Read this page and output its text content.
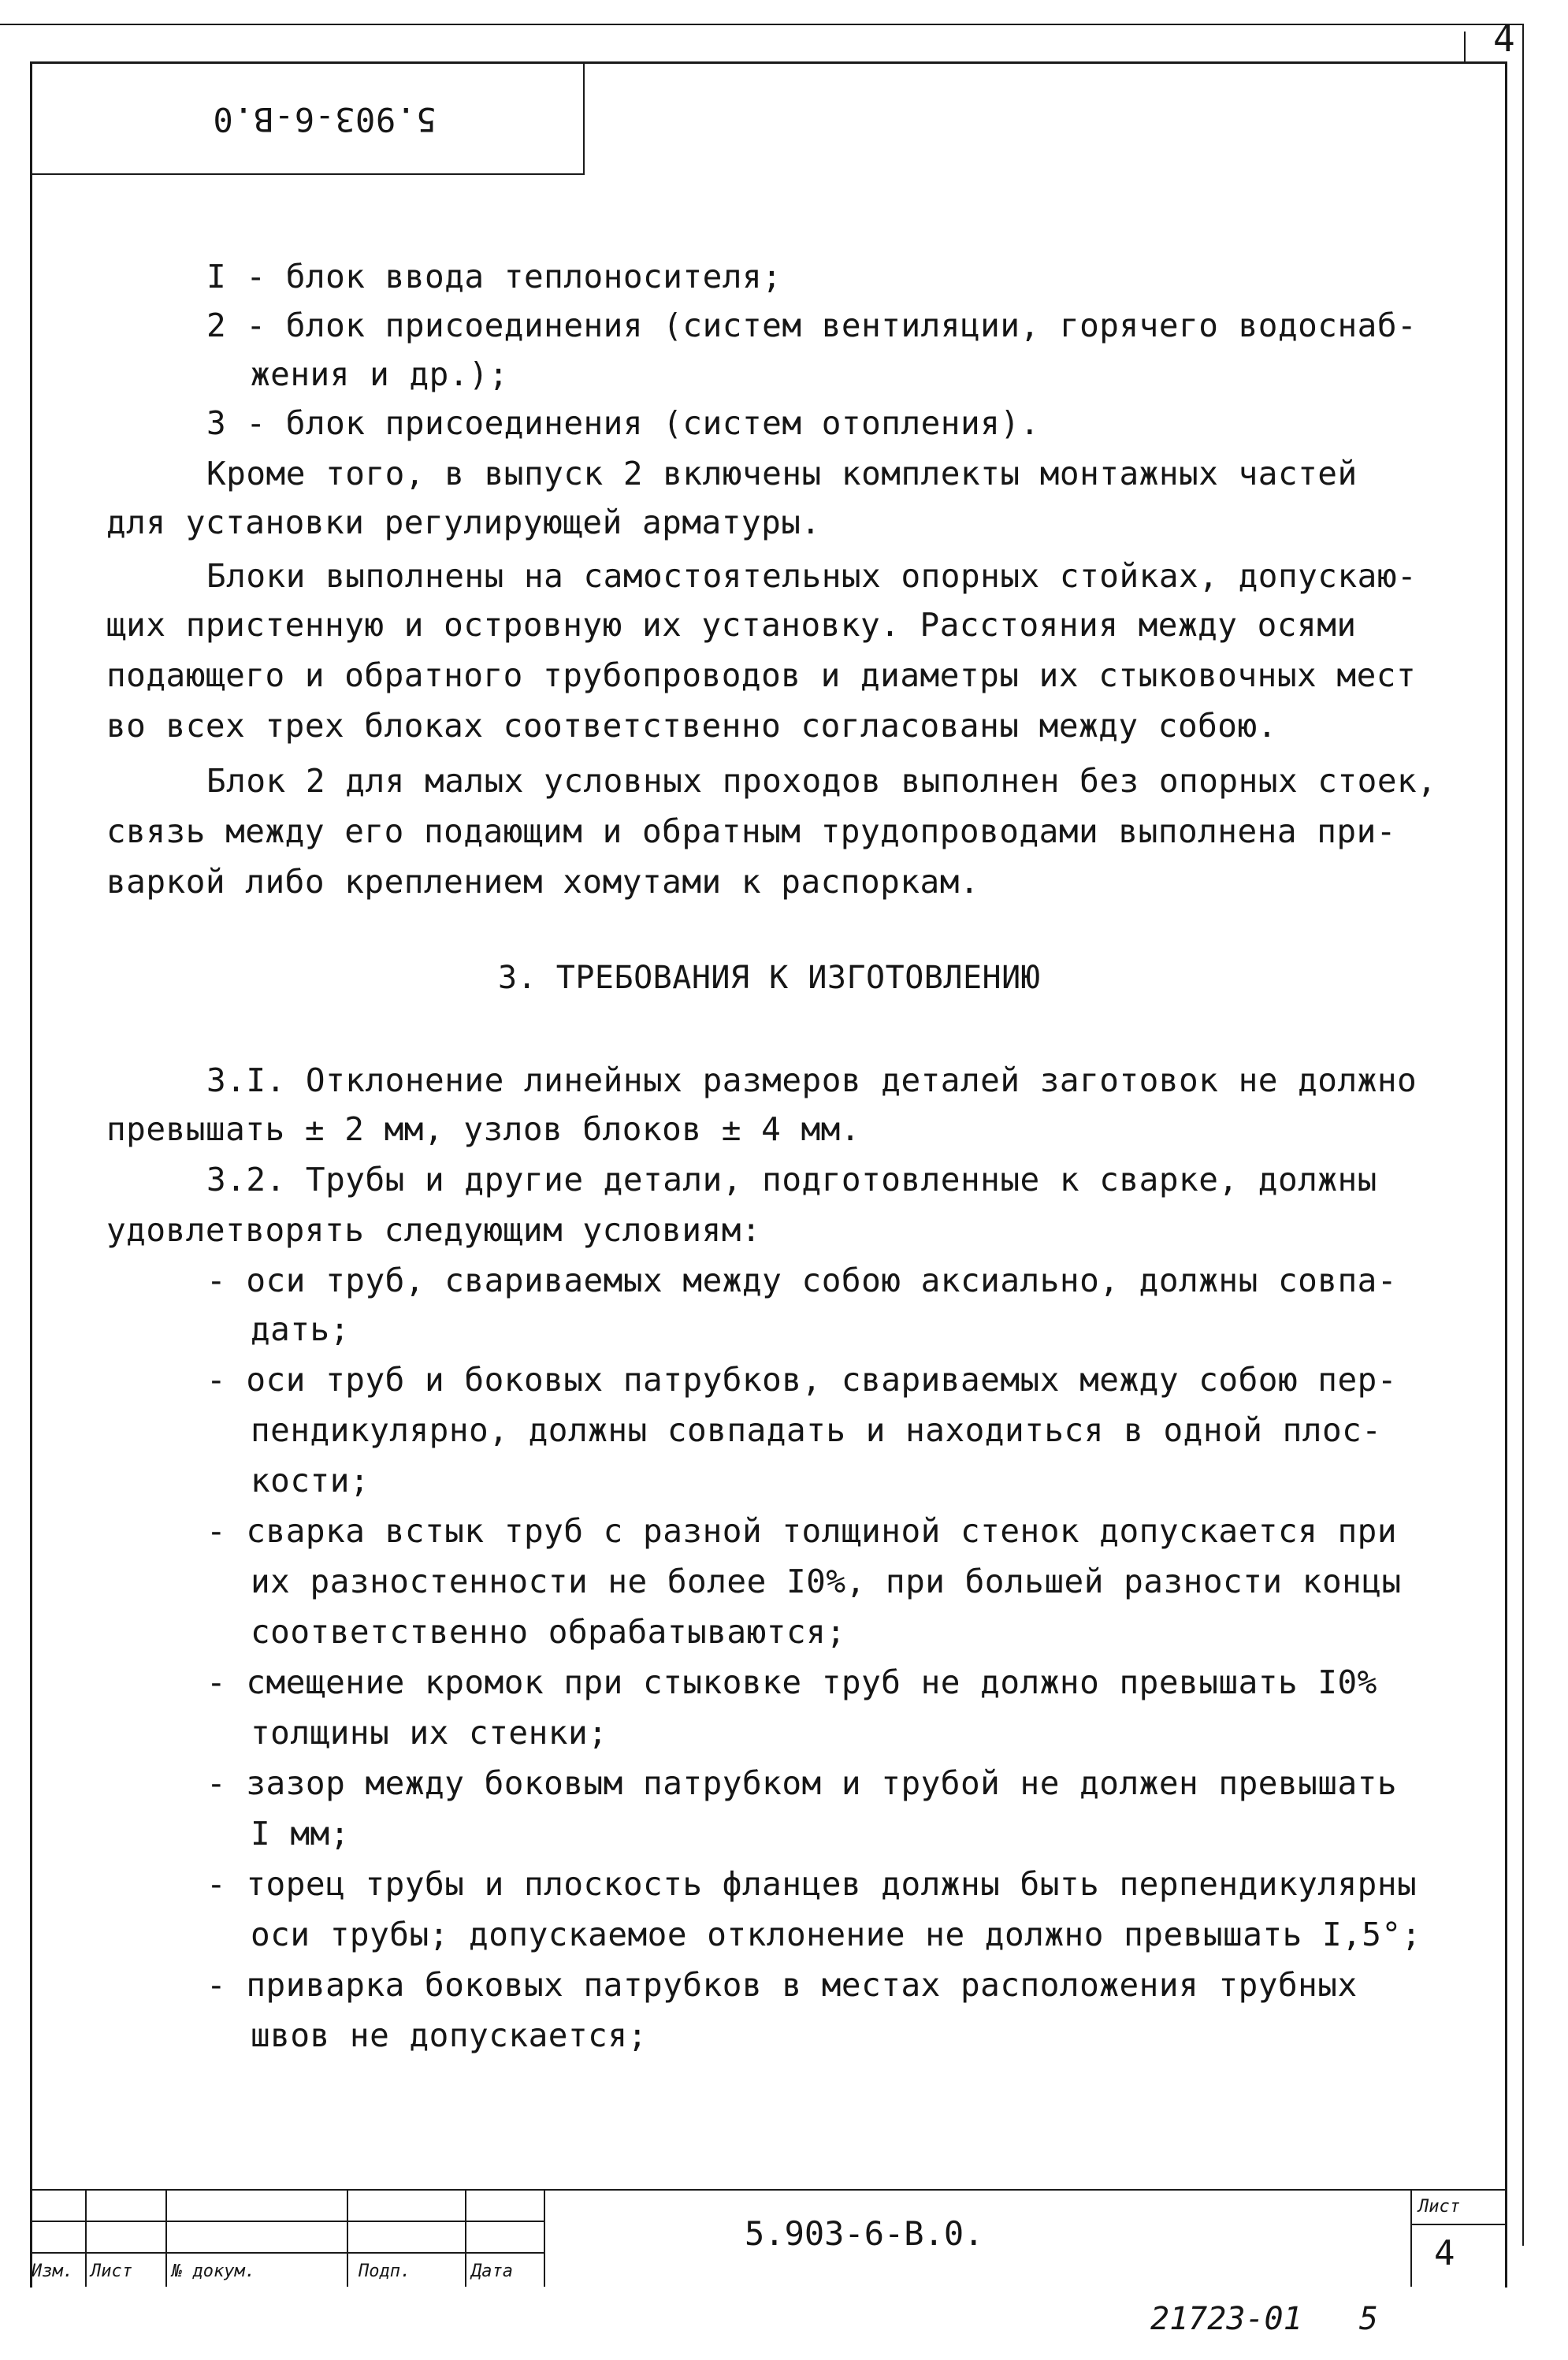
4
5.903-6-В.0
I - блок ввода теплоносителя;
2 - блок присоединения (систем вентиляции, горячего водоснаб-
жения и др.);
3 - блок присоединения (систем отопления).
Кроме того, в выпуск 2 включены комплекты монтажных частей
для установки регулирующей арматуры.
Блоки выполнены на самостоятельных опорных стойках, допускаю-
щих пристенную и островную их установку. Расстояния между осями
подающего и обратного трубопроводов и диаметры их стыковочных мест
во всех трех блоках соответственно согласованы между собою.
Блок 2 для малых условных проходов выполнен без опорных стоек,
связь между его подающим и обратным трудопроводами выполнена при-
варкой либо креплением хомутами к распоркам.
3. ТРЕБОВАНИЯ К ИЗГОТОВЛЕНИЮ
3.I. Отклонение линейных размеров деталей заготовок не должно
превышать ± 2 мм, узлов блоков ± 4 мм.
3.2. Трубы и другие детали, подготовленные к сварке, должны
удовлетворять следующим условиям:
- оси труб, свариваемых между собою аксиально, должны совпа-
дать;
- оси труб и боковых патрубков, свариваемых между собою пер-
пендикулярно, должны совпадать и находиться в одной плос-
кости;
- сварка встык труб с разной толщиной стенок допускается при
их разностенности не более I0%, при большей разности концы
соответственно обрабатываются;
- смещение кромок при стыковке труб не должно превышать I0%
толщины их стенки;
- зазор между боковым патрубком и трубой не должен превышать
I мм;
- торец трубы и плоскость фланцев должны быть перпендикулярны
оси трубы; допускаемое отклонение не должно превышать I,5°;
- приварка боковых патрубков в местах расположения трубных
швов не допускается;
Изм. Лист № докум.	Подп.	Дата
5.903-6-В.0.
Лист
4
21723-01   5
